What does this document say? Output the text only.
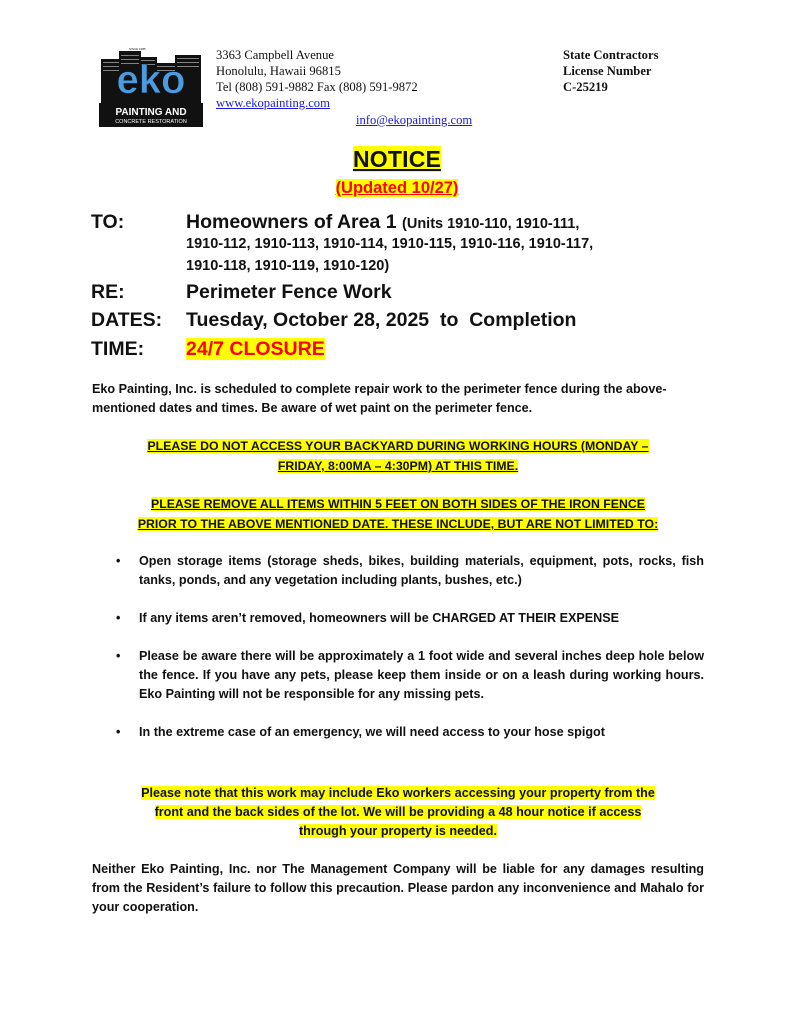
SINCE 1985
eko
PAINTING AND
CONCRETE RESTORATION
3363 Campbell Avenue
Honolulu, Hawaii 96815
Tel (808) 591-9882 Fax (808) 591-9872
www.ekopainting.com
info@ekopainting.com
State Contractors
License Number
C-25219
NOTICE
(Updated 10/27)
TO:	Homeowners of Area 1 (Units 1910-110, 1910-111,
1910-112, 1910-113, 1910-114, 1910-115, 1910-116, 1910-117,
1910-118, 1910-119, 1910-120)
RE:	Perimeter Fence Work
DATES: Tuesday, October 28, 2025  to  Completion
TIME: 24/7 CLOSURE
Eko Painting, Inc. is scheduled to complete repair work to the perimeter fence during the above-mentioned dates and times. Be aware of wet paint on the perimeter fence.
PLEASE DO NOT ACCESS YOUR BACKYARD DURING WORKING HOURS (MONDAY –
FRIDAY, 8:00MA – 4:30PM) AT THIS TIME.
PLEASE REMOVE ALL ITEMS WITHIN 5 FEET ON BOTH SIDES OF THE IRON FENCE
PRIOR TO THE ABOVE MENTIONED DATE. THESE INCLUDE, BUT ARE NOT LIMITED TO:
• Open storage items (storage sheds, bikes, building materials, equipment, pots, rocks, fish tanks, ponds, and any vegetation including plants, bushes, etc.)
• If any items aren’t removed, homeowners will be CHARGED AT THEIR EXPENSE
• Please be aware there will be approximately a 1 foot wide and several inches deep hole below the fence. If you have any pets, please keep them inside or on a leash during working hours. Eko Painting will not be responsible for any missing pets.
• In the extreme case of an emergency, we will need access to your hose spigot
Please note that this work may include Eko workers accessing your property from the
front and the back sides of the lot. We will be providing a 48 hour notice if access
through your property is needed.
Neither Eko Painting, Inc. nor The Management Company will be liable for any damages resulting from the Resident’s failure to follow this precaution. Please pardon any inconvenience and Mahalo for your cooperation.
